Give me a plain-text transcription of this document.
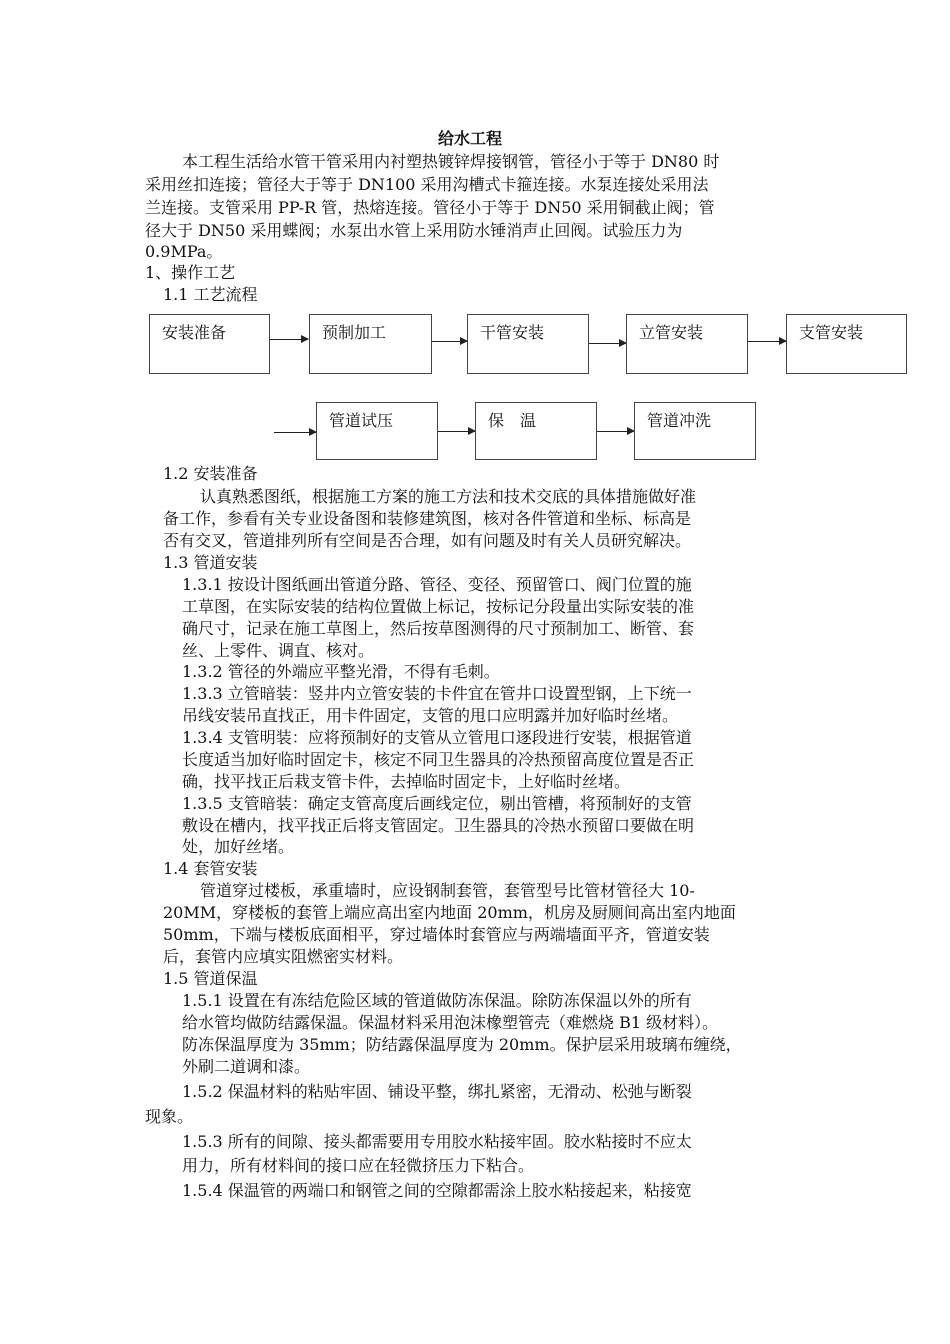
给水工程
本工程生活给水管干管采用内衬塑热镀锌焊接钢管，管径小于等于 DN80 时
采用丝扣连接；管径大于等于 DN100 采用沟槽式卡箍连接。水泵连接处采用法
兰连接。支管采用 PP-R 管，热熔连接。管径小于等于 DN50 采用铜截止阀；管
径大于 DN50 采用蝶阀；水泵出水管上采用防水锤消声止回阀。试验压力为
0.9MPa。
1、操作工艺
1.1 工艺流程
安装准备	预制加工	干管安装	立管安装	支管安装
管道试压	保　温	管道冲洗
1.2 安装准备
认真熟悉图纸，根据施工方案的施工方法和技术交底的具体措施做好准
备工作，参看有关专业设备图和装修建筑图，核对各件管道和坐标、标高是
否有交叉，管道排列所有空间是否合理，如有问题及时有关人员研究解决。
1.3 管道安装
1.3.1 按设计图纸画出管道分路、管径、变径、预留管口、阀门位置的施
工草图，在实际安装的结构位置做上标记，按标记分段量出实际安装的准
确尺寸，记录在施工草图上，然后按草图测得的尺寸预制加工、断管、套
丝、上零件、调直、核对。
1.3.2 管径的外端应平整光滑，不得有毛刺。
1.3.3 立管暗装：竖井内立管安装的卡件宜在管井口设置型钢，上下统一
吊线安装吊直找正，用卡件固定，支管的甩口应明露并加好临时丝堵。
1.3.4 支管明装：应将预制好的支管从立管甩口逐段进行安装，根据管道
长度适当加好临时固定卡，核定不同卫生器具的冷热预留高度位置是否正
确，找平找正后栽支管卡件，去掉临时固定卡，上好临时丝堵。
1.3.5 支管暗装：确定支管高度后画线定位，剔出管槽，将预制好的支管
敷设在槽内，找平找正后将支管固定。卫生器具的冷热水预留口要做在明
处，加好丝堵。
1.4 套管安装
管道穿过楼板，承重墙时，应设钢制套管，套管型号比管材管径大 10-
20MM，穿楼板的套管上端应高出室内地面 20mm，机房及厨厕间高出室内地面
50mm，下端与楼板底面相平，穿过墙体时套管应与两端墙面平齐，管道安装
后，套管内应填实阻燃密实材料。
1.5 管道保温
1.5.1 设置在有冻结危险区域的管道做防冻保温。除防冻保温以外的所有
给水管均做防结露保温。保温材料采用泡沫橡塑管壳（难燃烧 B1 级材料）。
防冻保温厚度为 35mm；防结露保温厚度为 20mm。保护层采用玻璃布缠绕，
外刷二道调和漆。
1.5.2 保温材料的粘贴牢固、铺设平整，绑扎紧密，无滑动、松弛与断裂
现象。
1.5.3 所有的间隙、接头都需要用专用胶水粘接牢固。胶水粘接时不应太
用力，所有材料间的接口应在轻微挤压力下粘合。
1.5.4 保温管的两端口和钢管之间的空隙都需涂上胶水粘接起来，粘接宽
